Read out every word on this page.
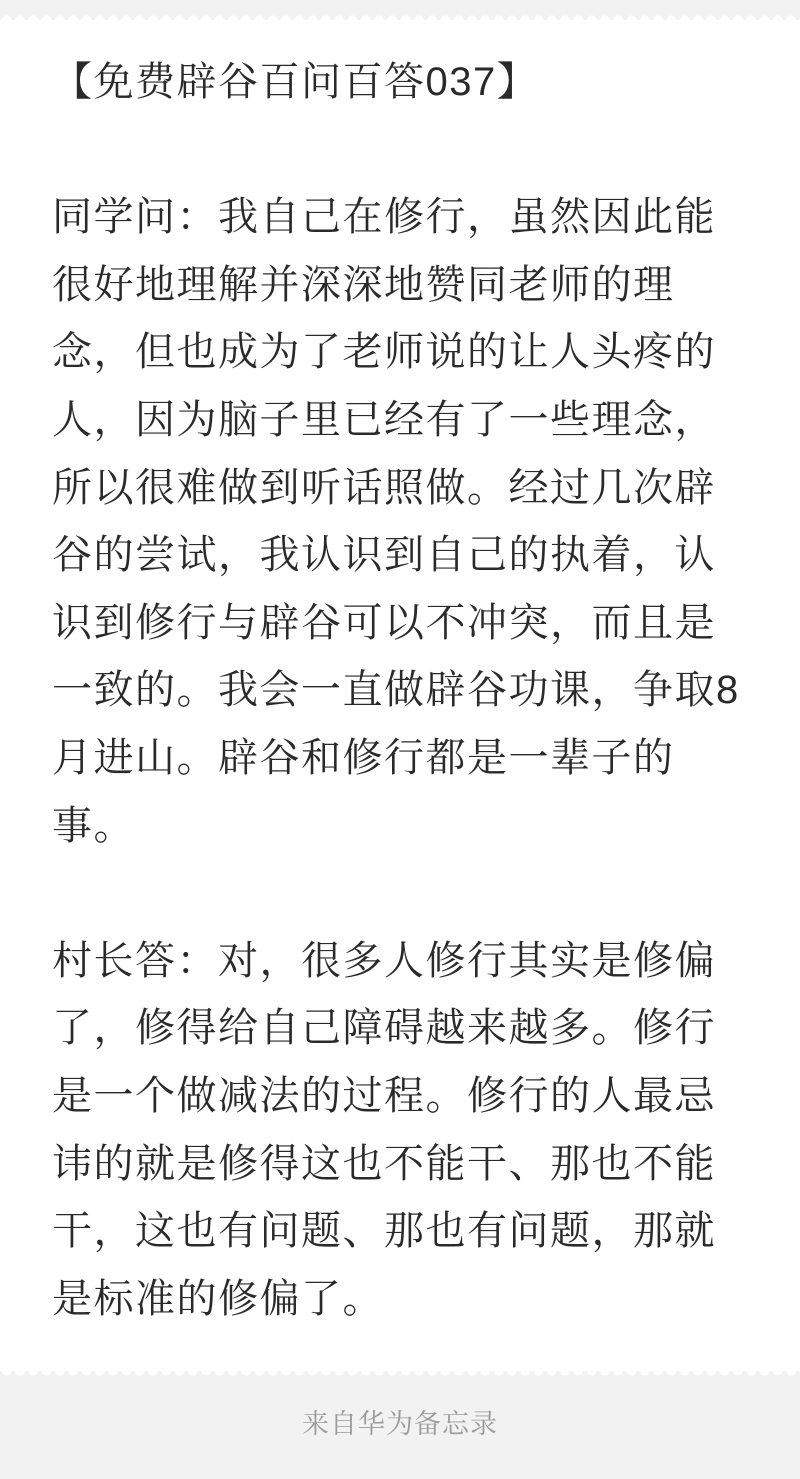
【免费辟谷百问百答037】
同学问：我自己在修行，虽然因此能
很好地理解并深深地赞同老师的理
念，但也成为了老师说的让人头疼的
人，因为脑子里已经有了一些理念，
所以很难做到听话照做。经过几次辟
谷的尝试，我认识到自己的执着，认
识到修行与辟谷可以不冲突，而且是
一致的。我会一直做辟谷功课，争取8
月进山。辟谷和修行都是一辈子的
事。
村长答：对，很多人修行其实是修偏
了，修得给自己障碍越来越多。修行
是一个做减法的过程。修行的人最忌
讳的就是修得这也不能干、那也不能
干，这也有问题、那也有问题，那就
是标准的修偏了。
来自华为备忘录
